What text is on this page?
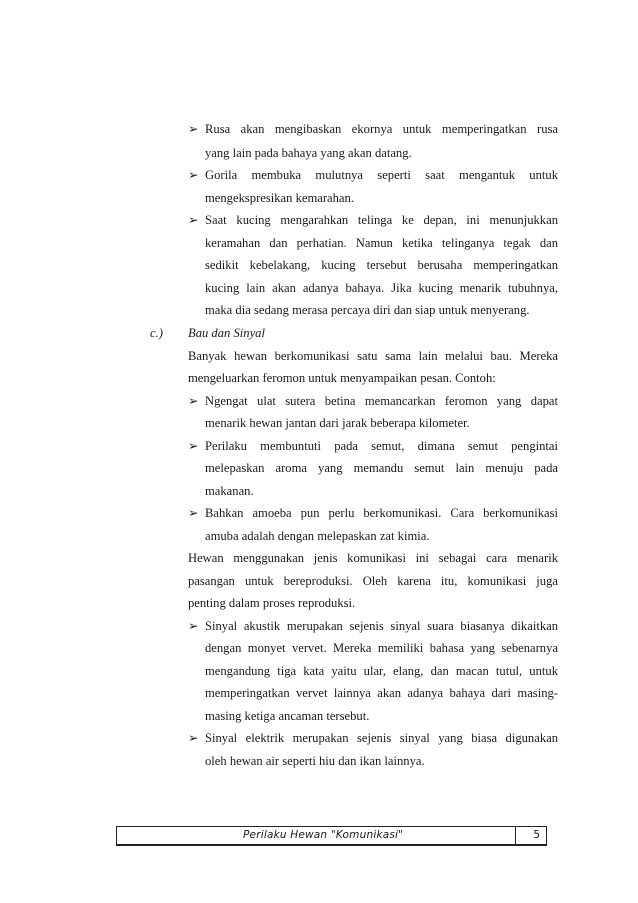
➢ Rusa akan mengibaskan ekornya untuk memperingatkan rusa
yang lain pada bahaya yang akan datang.
➢ Gorila membuka mulutnya seperti saat mengantuk untuk
mengekspresikan kemarahan.
➢ Saat kucing mengarahkan telinga ke depan, ini menunjukkan
keramahan dan perhatian. Namun ketika telinganya tegak dan
sedikit kebelakang, kucing tersebut berusaha memperingatkan
kucing lain akan adanya bahaya. Jika kucing menarik tubuhnya,
maka dia sedang merasa percaya diri dan siap untuk menyerang.
c.) Bau dan Sinyal
Banyak hewan berkomunikasi satu sama lain melalui bau. Mereka
mengeluarkan feromon untuk menyampaikan pesan. Contoh:
➢ Ngengat ulat sutera betina memancarkan feromon yang dapat
menarik hewan jantan dari jarak beberapa kilometer.
➢ Perilaku membuntuti pada semut, dimana semut pengintai
melepaskan aroma yang memandu semut lain menuju pada
makanan.
➢ Bahkan amoeba pun perlu berkomunikasi. Cara berkomunikasi
amuba adalah dengan melepaskan zat kimia.
Hewan menggunakan jenis komunikasi ini sebagai cara menarik
pasangan untuk bereproduksi. Oleh karena itu, komunikasi juga
penting dalam proses reproduksi.
➢ Sinyal akustik merupakan sejenis sinyal suara biasanya dikaitkan
dengan monyet vervet. Mereka memiliki bahasa yang sebenarnya
mengandung tiga kata yaitu ular, elang, dan macan tutul, untuk
memperingatkan vervet lainnya akan adanya bahaya dari masing-
masing ketiga ancaman tersebut.
➢ Sinyal elektrik merupakan sejenis sinyal yang biasa digunakan
oleh hewan air seperti hiu dan ikan lainnya.
Perilaku Hewan "Komunikasi"	5
